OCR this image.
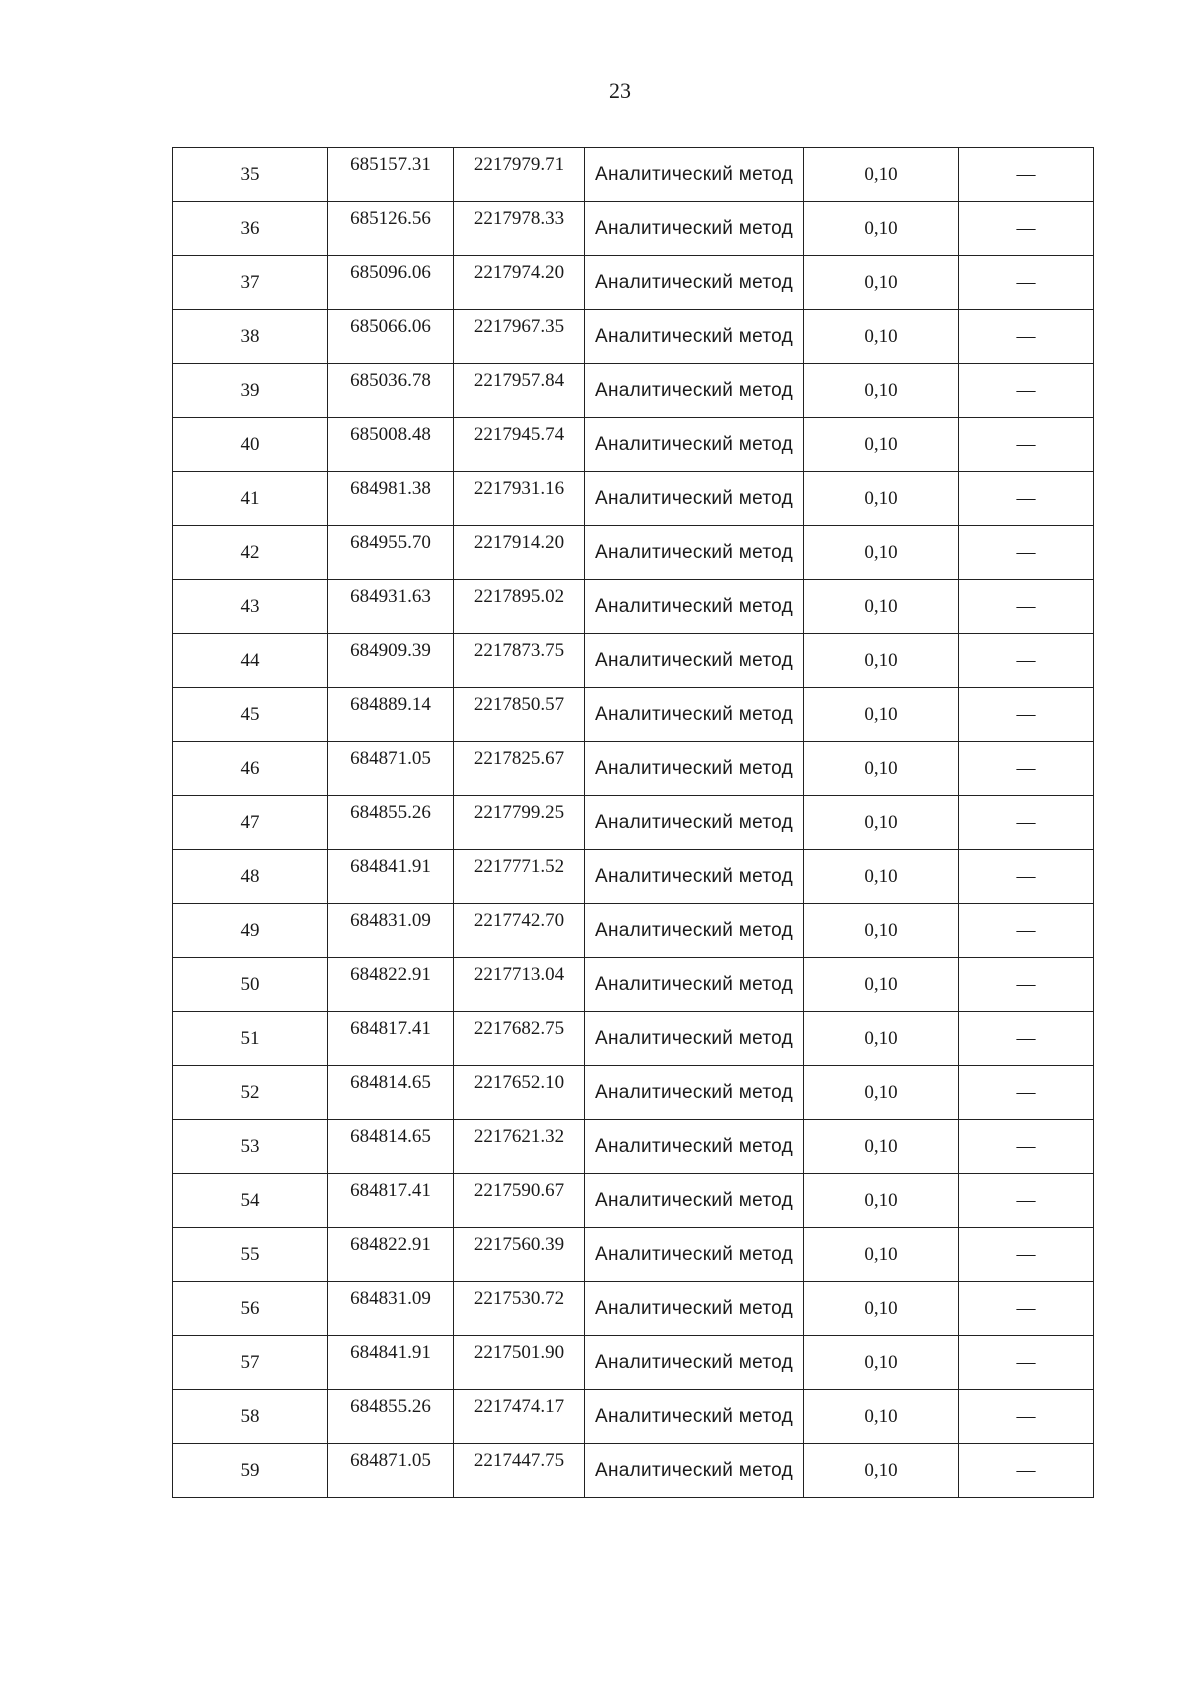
23
35	685157.31	2217979.71	Аналитический метод	0,10	—
36	685126.56	2217978.33	Аналитический метод	0,10	—
37	685096.06	2217974.20	Аналитический метод	0,10	—
38	685066.06	2217967.35	Аналитический метод	0,10	—
39	685036.78	2217957.84	Аналитический метод	0,10	—
40	685008.48	2217945.74	Аналитический метод	0,10	—
41	684981.38	2217931.16	Аналитический метод	0,10	—
42	684955.70	2217914.20	Аналитический метод	0,10	—
43	684931.63	2217895.02	Аналитический метод	0,10	—
44	684909.39	2217873.75	Аналитический метод	0,10	—
45	684889.14	2217850.57	Аналитический метод	0,10	—
46	684871.05	2217825.67	Аналитический метод	0,10	—
47	684855.26	2217799.25	Аналитический метод	0,10	—
48	684841.91	2217771.52	Аналитический метод	0,10	—
49	684831.09	2217742.70	Аналитический метод	0,10	—
50	684822.91	2217713.04	Аналитический метод	0,10	—
51	684817.41	2217682.75	Аналитический метод	0,10	—
52	684814.65	2217652.10	Аналитический метод	0,10	—
53	684814.65	2217621.32	Аналитический метод	0,10	—
54	684817.41	2217590.67	Аналитический метод	0,10	—
55	684822.91	2217560.39	Аналитический метод	0,10	—
56	684831.09	2217530.72	Аналитический метод	0,10	—
57	684841.91	2217501.90	Аналитический метод	0,10	—
58	684855.26	2217474.17	Аналитический метод	0,10	—
59	684871.05	2217447.75	Аналитический метод	0,10	—
